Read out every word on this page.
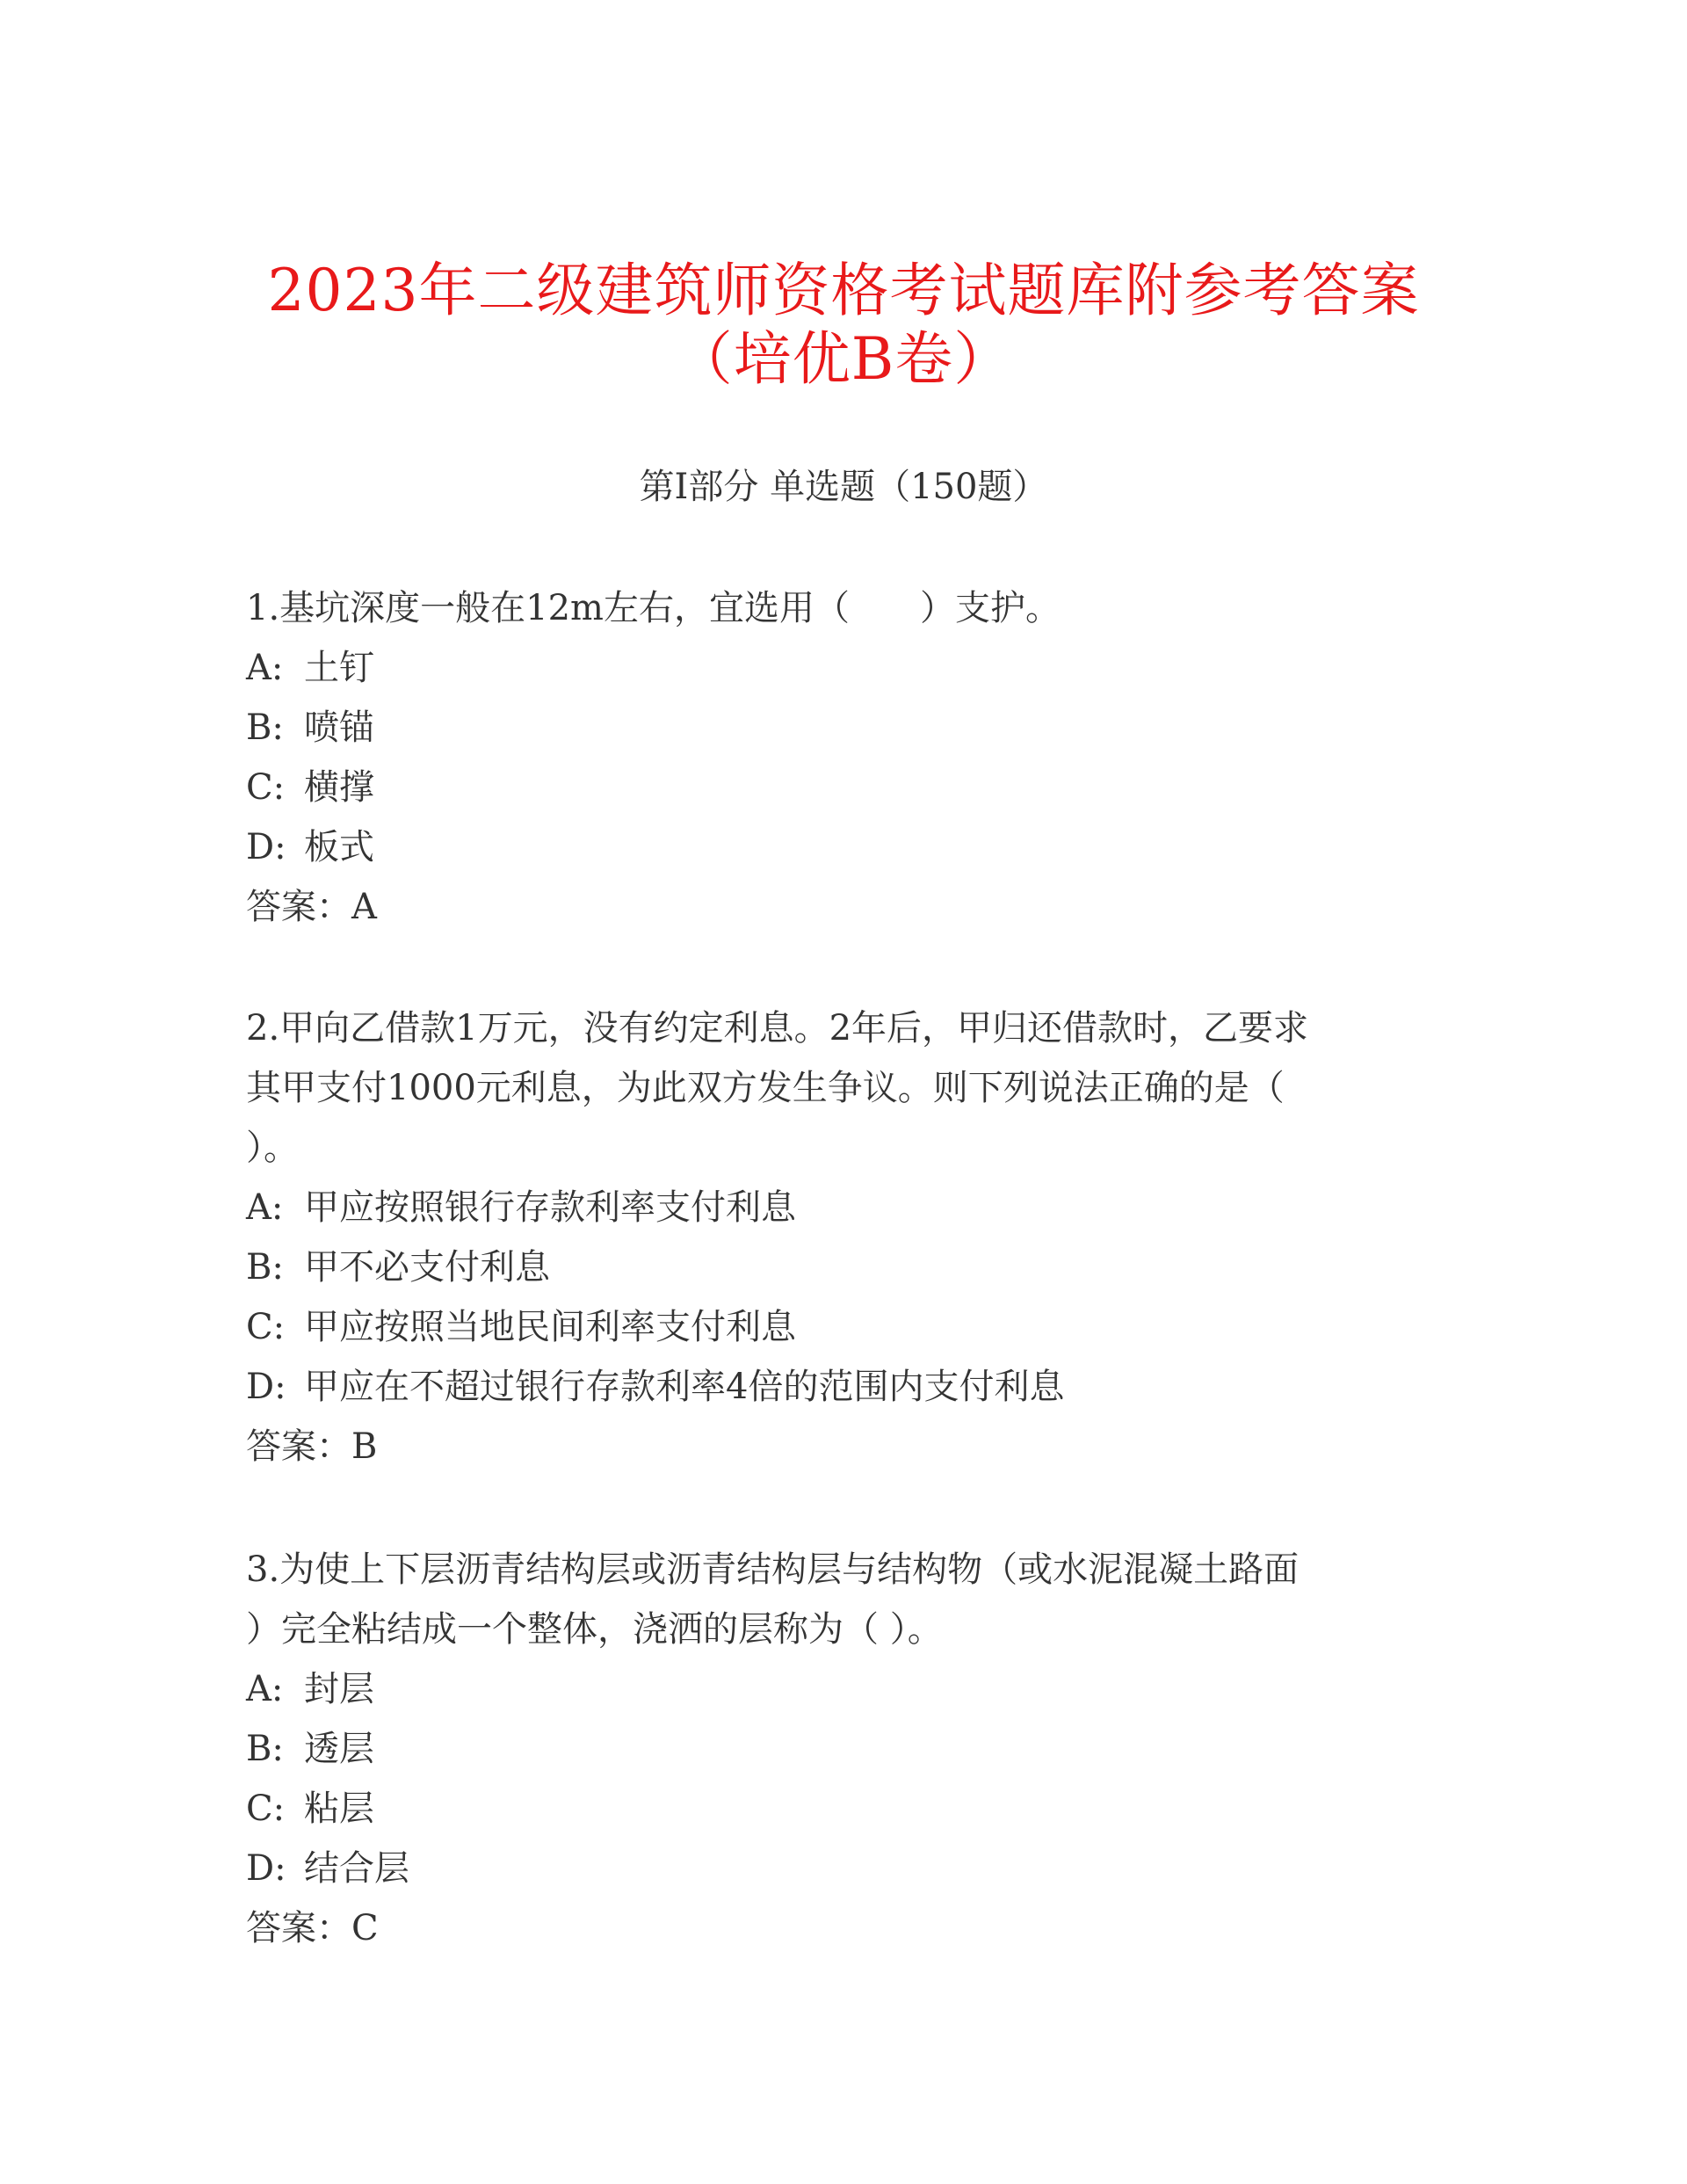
2023年二级建筑师资格考试题库附参考答案
（培优B卷）
第I部分 单选题（150题）
1.基坑深度一般在12m左右，宜选用（　　）支护。
A: 土钉
B: 喷锚
C: 横撑
D: 板式
答案：A
2.甲向乙借款1万元，没有约定利息。2年后，甲归还借款时，乙要求
其甲支付1000元利息，为此双方发生争议。则下列说法正确的是（
）。
A: 甲应按照银行存款利率支付利息
B: 甲不必支付利息
C: 甲应按照当地民间利率支付利息
D: 甲应在不超过银行存款利率4倍的范围内支付利息
答案：B
3.为使上下层沥青结构层或沥青结构层与结构物（或水泥混凝土路面
）完全粘结成一个整体，浇洒的层称为（ ）。
A: 封层
B: 透层
C: 粘层
D: 结合层
答案：C
